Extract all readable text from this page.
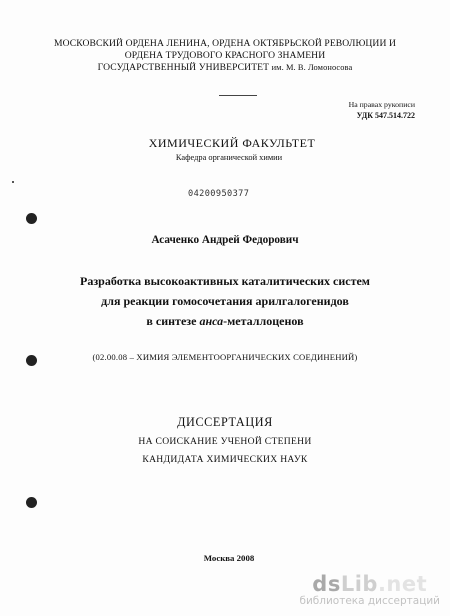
МОСКОВСКИЙ ОРДЕНА ЛЕНИНА, ОРДЕНА ОКТЯБРЬСКОЙ РЕВОЛЮЦИИ И
ОРДЕНА ТРУДОВОГО КРАСНОГО ЗНАМЕНИ
ГОСУДАРСТВЕННЫЙ УНИВЕРСИТЕТ им. М. В. Ломоносова
На правах рукописи
УДК 547.514.722
ХИМИЧЕСКИЙ ФАКУЛЬТЕТ
Кафедра органической химии
04200950377
Асаченко Андрей Федорович
Разработка высокоактивных каталитических систем
для реакции гомосочетания арилгалогенидов
в синтезе анса-металлоценов
(02.00.08 – ХИМИЯ ЭЛЕМЕНТООРГАНИЧЕСКИХ СОЕДИНЕНИЙ)
ДИССЕРТАЦИЯ
НА СОИСКАНИЕ УЧЕНОЙ СТЕПЕНИ
КАНДИДАТА ХИМИЧЕСКИХ НАУК
Москва 2008
dsLib.net
библиотека диссертаций
